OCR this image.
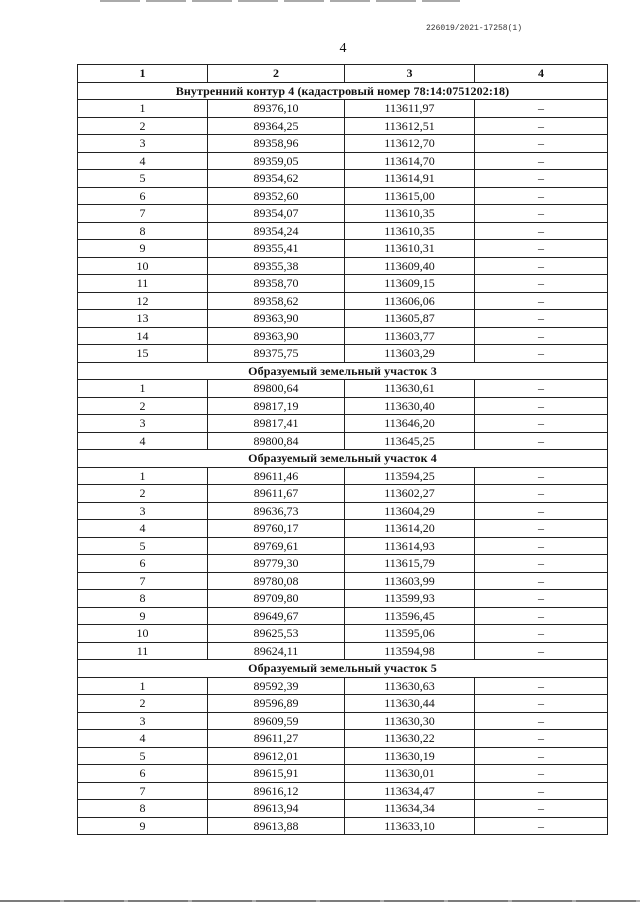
226019/2021-17258(1)
4
1	2	3	4
Внутренний контур 4 (кадастровый номер 78:14:0751202:18)			
1	89376,10	113611,97	–
2	89364,25	113612,51	–
3	89358,96	113612,70	–
4	89359,05	113614,70	–
5	89354,62	113614,91	–
6	89352,60	113615,00	–
7	89354,07	113610,35	–
8	89354,24	113610,35	–
9	89355,41	113610,31	–
10	89355,38	113609,40	–
11	89358,70	113609,15	–
12	89358,62	113606,06	–
13	89363,90	113605,87	–
14	89363,90	113603,77	–
15	89375,75	113603,29	–
Образуемый земельный участок 3			
1	89800,64	113630,61	–
2	89817,19	113630,40	–
3	89817,41	113646,20	–
4	89800,84	113645,25	–
Образуемый земельный участок 4			
1	89611,46	113594,25	–
2	89611,67	113602,27	–
3	89636,73	113604,29	–
4	89760,17	113614,20	–
5	89769,61	113614,93	–
6	89779,30	113615,79	–
7	89780,08	113603,99	–
8	89709,80	113599,93	–
9	89649,67	113596,45	–
10	89625,53	113595,06	–
11	89624,11	113594,98	–
Образуемый земельный участок 5			
1	89592,39	113630,63	–
2	89596,89	113630,44	–
3	89609,59	113630,30	–
4	89611,27	113630,22	–
5	89612,01	113630,19	–
6	89615,91	113630,01	–
7	89616,12	113634,47	–
8	89613,94	113634,34	–
9	89613,88	113633,10	–
